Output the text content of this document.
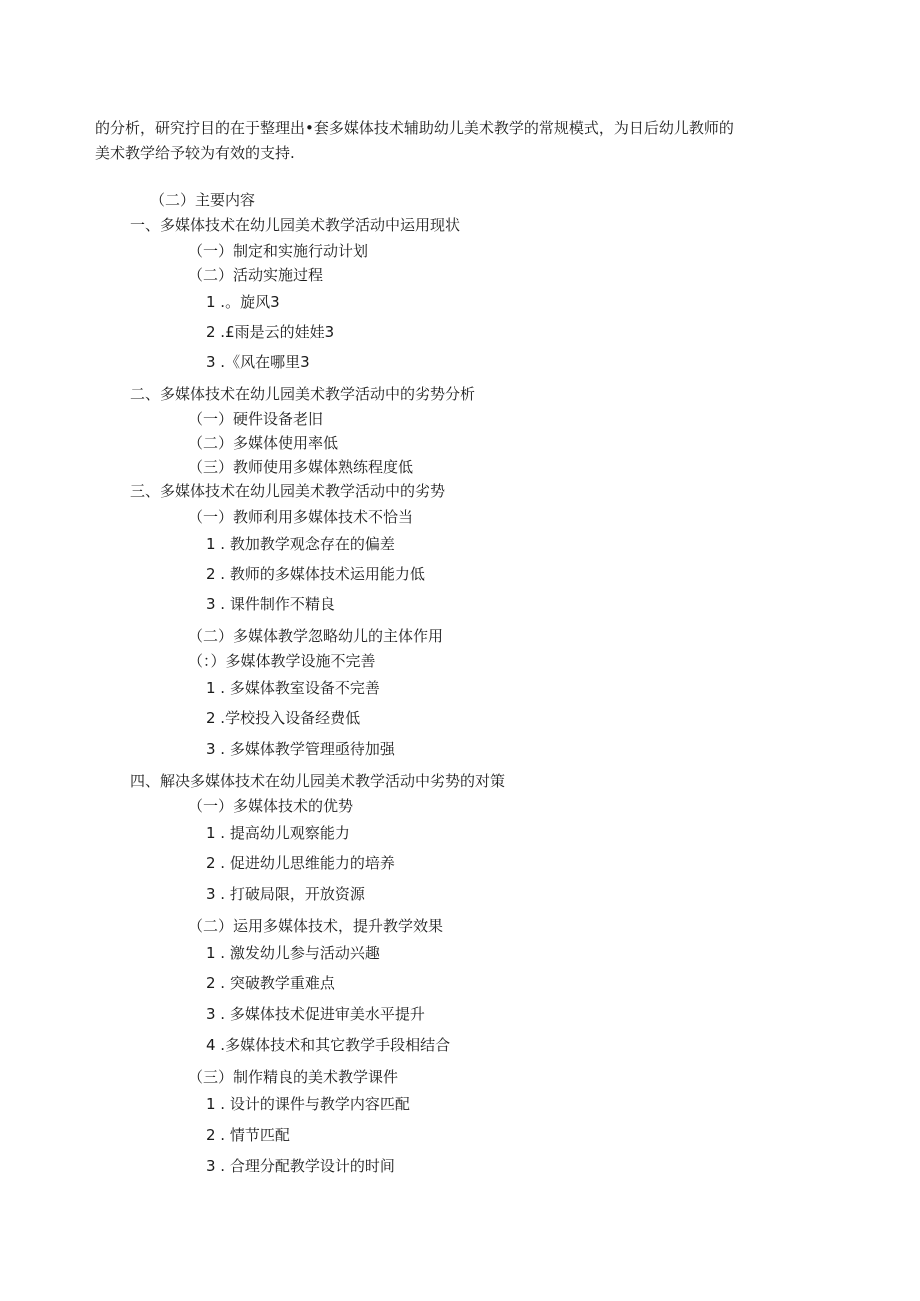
的分析，研究拧目的在于整理出•套多媒体技术辅助幼儿美术教学的常规模式，为日后幼儿教师的
美术教学给予较为有效的支持.

（二）主要内容
一、多媒体技术在幼儿园美术教学活动中运用现状
（一）制定和实施行动计划
（二）活动实施过程
1 .。旋风3
2 .£雨是云的娃娃3
3 .《风在哪里3
二、多媒体技术在幼儿园美术教学活动中的劣势分析
（一）硬件设备老旧
（二）多媒体使用率低
（三）教师使用多媒体熟练程度低
三、多媒体技术在幼儿园美术教学活动中的劣势
（一）教师利用多媒体技术不恰当
1 . 教加教学观念存在的偏差
2 . 教师的多媒体技术运用能力低
3 . 课件制作不精良
（二）多媒体教学忽略幼儿的主体作用
（：）多媒体教学设施不完善
1 . 多媒体教室设备不完善
2 .学校投入设备经费低
3 . 多媒体教学管理亟待加强
四、解决多媒体技术在幼儿园美术教学活动中劣势的对策
（一）多媒体技术的优势
1 . 提高幼儿观察能力
2 . 促进幼儿思维能力的培养
3 . 打破局限，开放资源
（二）运用多媒体技术，提升教学效果
1 . 激发幼儿参与活动兴趣
2 . 突破教学重难点
3 . 多媒体技术促进审美水平提升
4 .多媒体技术和其它教学手段相结合
（三）制作精良的美术教学课件
1 . 设计的课件与教学内容匹配
2 . 情节匹配
3 . 合理分配教学设计的时间
